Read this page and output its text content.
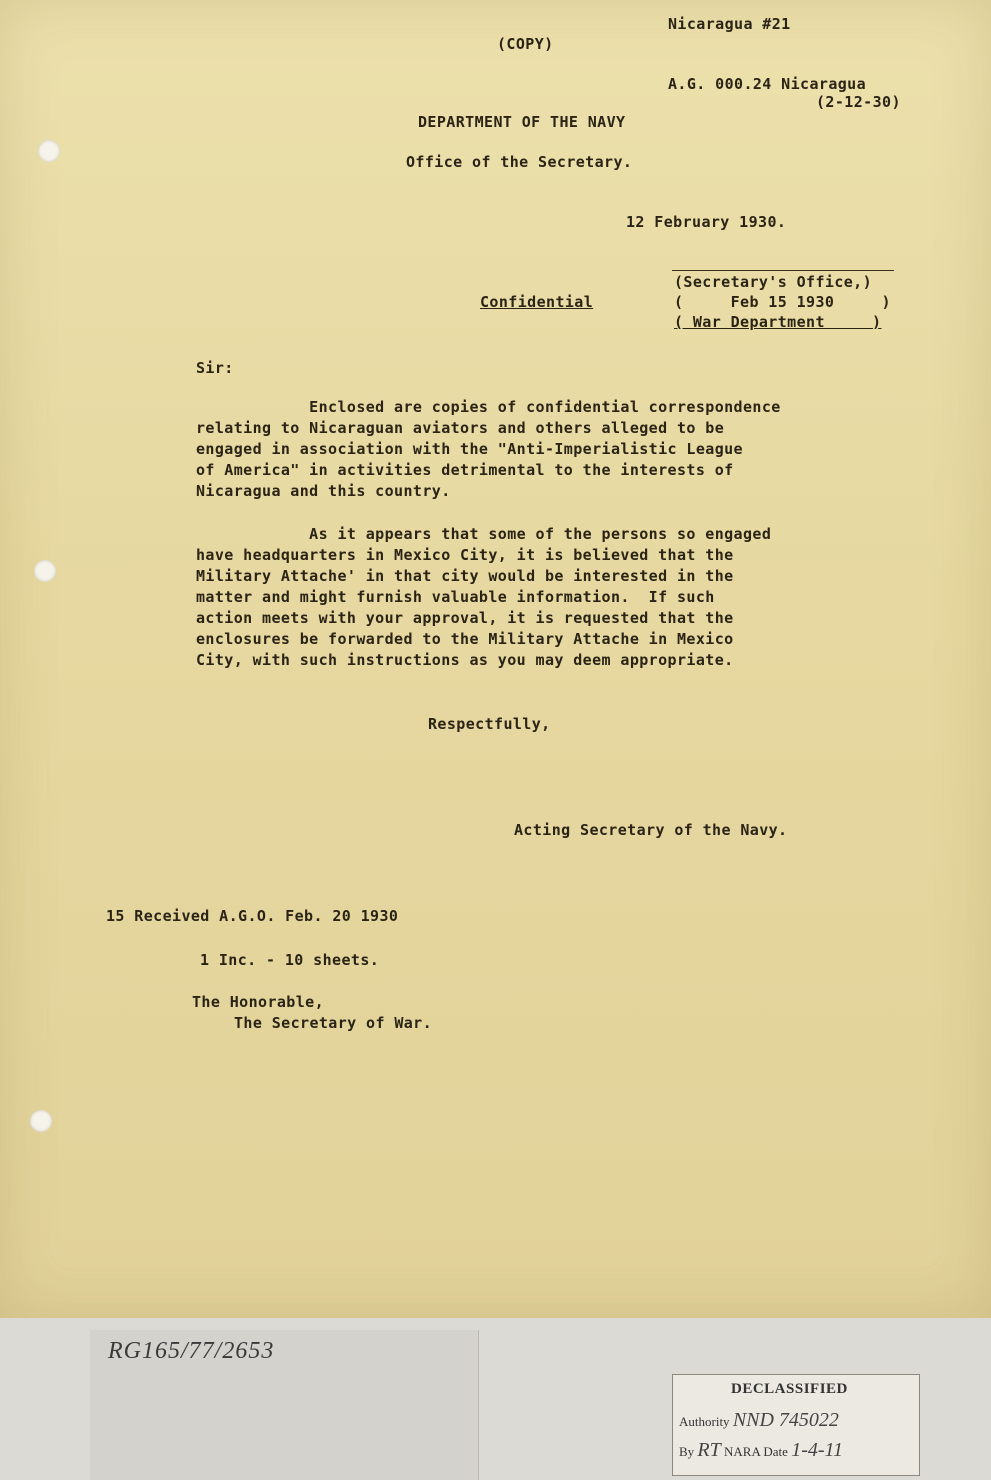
Nicaragua #21
(COPY)
A.G. 000.24 Nicaragua
(2-12-30)
DEPARTMENT OF THE NAVY
Office of the Secretary.
12 February 1930.
Confidential
(Secretary's Office,)
(     Feb 15 1930     )
( War Department     )
Sir:
Enclosed are copies of confidential correspondence
relating to Nicaraguan aviators and others alleged to be
engaged in association with the "Anti-Imperialistic League
of America" in activities detrimental to the interests of
Nicaragua and this country.
As it appears that some of the persons so engaged
have headquarters in Mexico City, it is believed that the
Military Attache' in that city would be interested in the
matter and might furnish valuable information.  If such
action meets with your approval, it is requested that the
enclosures be forwarded to the Military Attache in Mexico
City, with such instructions as you may deem appropriate.
Respectfully,
Acting Secretary of the Navy.
15 Received A.G.O. Feb. 20 1930
1 Inc. - 10 sheets.
The Honorable,
The Secretary of War.
RG165/77/2653
DECLASSIFIED
Authority NND 745022
By RT NARA Date 1-4-11
